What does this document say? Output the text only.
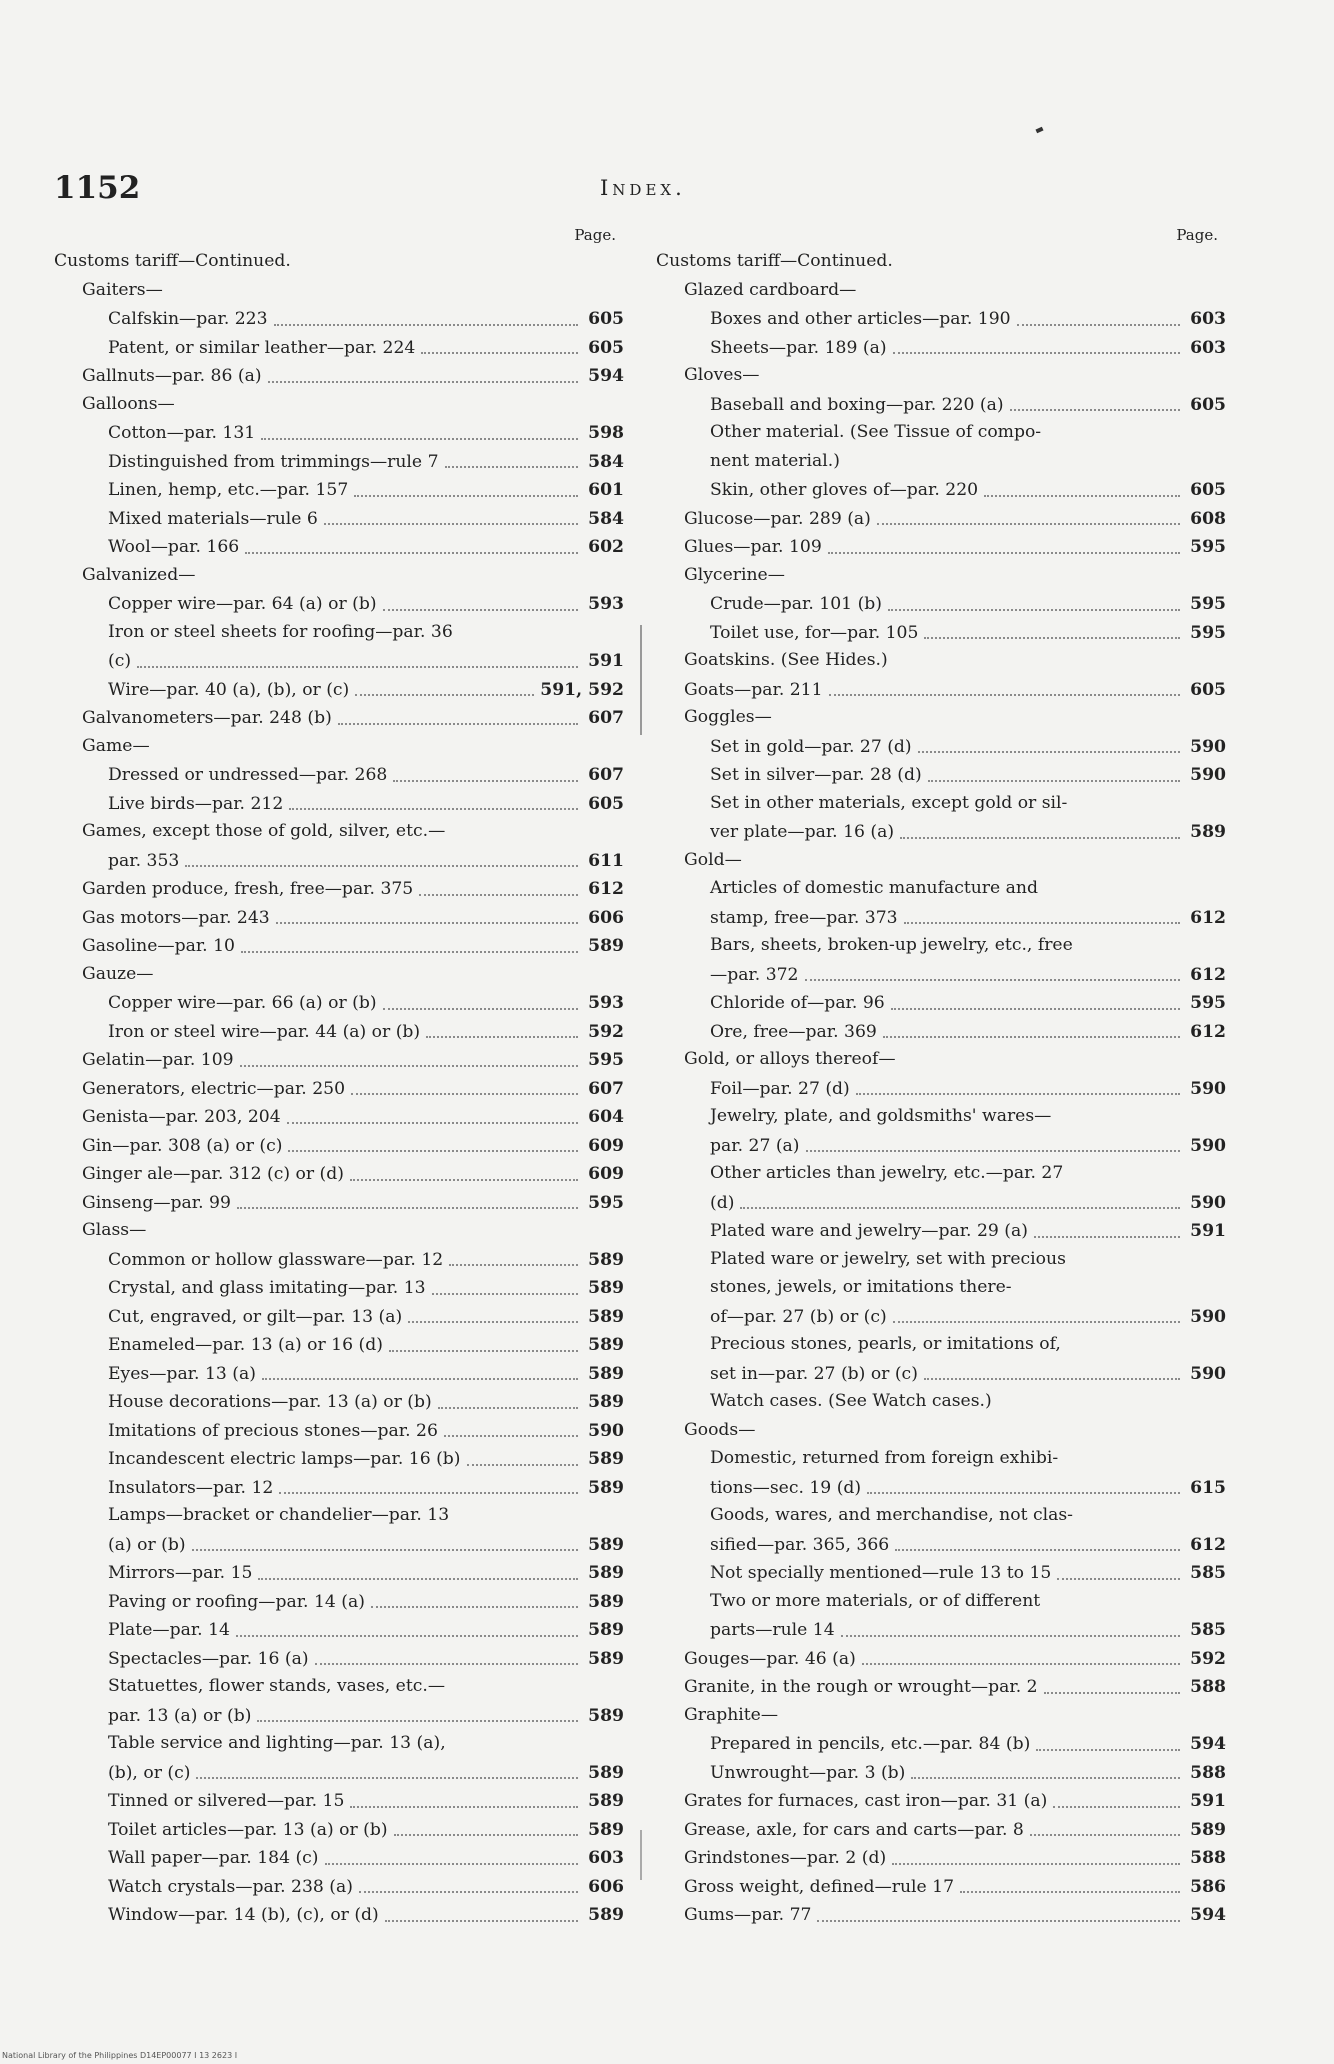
1152	Index.
Page.
Customs tariff—Continued.
Gaiters—
Calfskin—par. 223	605
Patent, or similar leather—par. 224	605
Gallnuts—par. 86 (a)	594
Galloons—
Cotton—par. 131	598
Distinguished from trimmings—rule 7	584
Linen, hemp, etc.—par. 157	601
Mixed materials—rule 6	584
Wool—par. 166	602
Galvanized—
Copper wire—par. 64 (a) or (b)	593
Iron or steel sheets for roofing—par. 36
(c)	591
Wire—par. 40 (a), (b), or (c)	591, 592
Galvanometers—par. 248 (b)	607
Game—
Dressed or undressed—par. 268	607
Live birds—par. 212	605
Games, except those of gold, silver, etc.—
par. 353	611
Garden produce, fresh, free—par. 375	612
Gas motors—par. 243	606
Gasoline—par. 10	589
Gauze—
Copper wire—par. 66 (a) or (b)	593
Iron or steel wire—par. 44 (a) or (b)	592
Gelatin—par. 109	595
Generators, electric—par. 250	607
Genista—par. 203, 204	604
Gin—par. 308 (a) or (c)	609
Ginger ale—par. 312 (c) or (d)	609
Ginseng—par. 99	595
Glass—
Common or hollow glassware—par. 12	589
Crystal, and glass imitating—par. 13	589
Cut, engraved, or gilt—par. 13 (a)	589
Enameled—par. 13 (a) or 16 (d)	589
Eyes—par. 13 (a)	589
House decorations—par. 13 (a) or (b)	589
Imitations of precious stones—par. 26	590
Incandescent electric lamps—par. 16 (b)	589
Insulators—par. 12	589
Lamps—bracket or chandelier—par. 13
(a) or (b)	589
Mirrors—par. 15	589
Paving or roofing—par. 14 (a)	589
Plate—par. 14	589
Spectacles—par. 16 (a)	589
Statuettes, flower stands, vases, etc.—
par. 13 (a) or (b)	589
Table service and lighting—par. 13 (a),
(b), or (c)	589
Tinned or silvered—par. 15	589
Toilet articles—par. 13 (a) or (b)	589
Wall paper—par. 184 (c)	603
Watch crystals—par. 238 (a)	606
Window—par. 14 (b), (c), or (d)	589
Page.
Customs tariff—Continued.
Glazed cardboard—
Boxes and other articles—par. 190	603
Sheets—par. 189 (a)	603
Gloves—
Baseball and boxing—par. 220 (a)	605
Other material. (See Tissue of compo-
nent material.)
Skin, other gloves of—par. 220	605
Glucose—par. 289 (a)	608
Glues—par. 109	595
Glycerine—
Crude—par. 101 (b)	595
Toilet use, for—par. 105	595
Goatskins. (See Hides.)
Goats—par. 211	605
Goggles—
Set in gold—par. 27 (d)	590
Set in silver—par. 28 (d)	590
Set in other materials, except gold or sil-
ver plate—par. 16 (a)	589
Gold—
Articles of domestic manufacture and
stamp, free—par. 373	612
Bars, sheets, broken-up jewelry, etc., free
—par. 372	612
Chloride of—par. 96	595
Ore, free—par. 369	612
Gold, or alloys thereof—
Foil—par. 27 (d)	590
Jewelry, plate, and goldsmiths' wares—
par. 27 (a)	590
Other articles than jewelry, etc.—par. 27
(d)	590
Plated ware and jewelry—par. 29 (a)	591
Plated ware or jewelry, set with precious
stones, jewels, or imitations there-
of—par. 27 (b) or (c)	590
Precious stones, pearls, or imitations of,
set in—par. 27 (b) or (c)	590
Watch cases. (See Watch cases.)
Goods—
Domestic, returned from foreign exhibi-
tions—sec. 19 (d)	615
Goods, wares, and merchandise, not clas-
sified—par. 365, 366	612
Not specially mentioned—rule 13 to 15	585
Two or more materials, or of different
parts—rule 14	585
Gouges—par. 46 (a)	592
Granite, in the rough or wrought—par. 2	588
Graphite—
Prepared in pencils, etc.—par. 84 (b)	594
Unwrought—par. 3 (b)	588
Grates for furnaces, cast iron—par. 31 (a)	591
Grease, axle, for cars and carts—par. 8	589
Grindstones—par. 2 (d)	588
Gross weight, defined—rule 17	586
Gums—par. 77	594
National Library of the Philippines D14EP00077 I 13 2623 I
